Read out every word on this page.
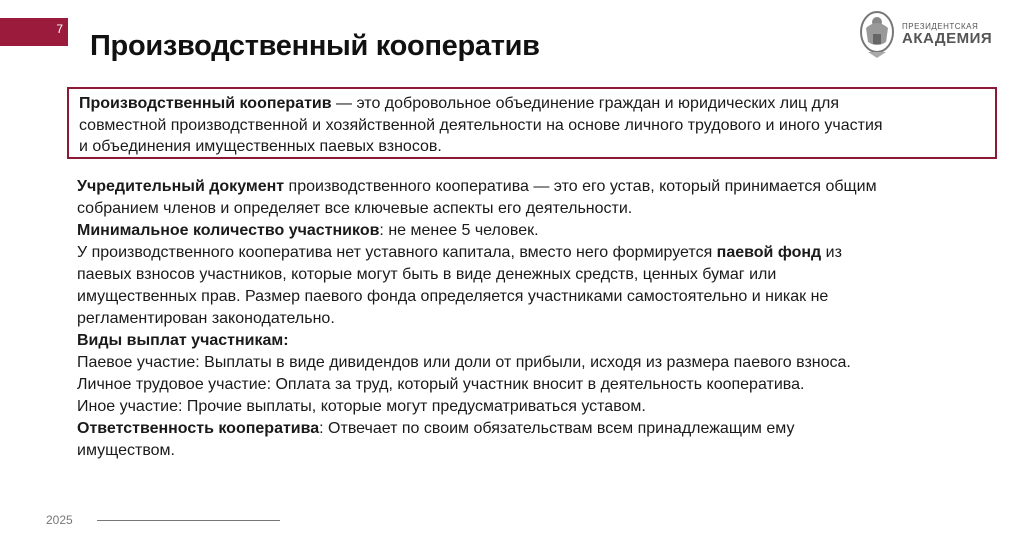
7
Производственный кооператив
ПРЕЗИДЕНТСКАЯ
АКАДЕМИЯ
Производственный кооператив — это добровольное объединение граждан и юридических лиц для
совместной производственной и хозяйственной деятельности на основе личного трудового и иного участия
и объединения имущественных паевых взносов.
Учредительный документ производственного кооператива — это его устав, который принимается общим
собранием членов и определяет все ключевые аспекты его деятельности.
Минимальное количество участников: не менее 5 человек.
У производственного кооператива нет уставного капитала, вместо него формируется паевой фонд из
паевых взносов участников, которые могут быть в виде денежных средств, ценных бумаг или
имущественных прав. Размер паевого фонда определяется участниками самостоятельно и никак не
регламентирован законодательно.
Виды выплат участникам:
Паевое участие: Выплаты в виде дивидендов или доли от прибыли, исходя из размера паевого взноса.
Личное трудовое участие: Оплата за труд, который участник вносит в деятельность кооператива.
Иное участие: Прочие выплаты, которые могут предусматриваться уставом.
Ответственность кооператива: Отвечает по своим обязательствам всем принадлежащим ему
имуществом.
2025
